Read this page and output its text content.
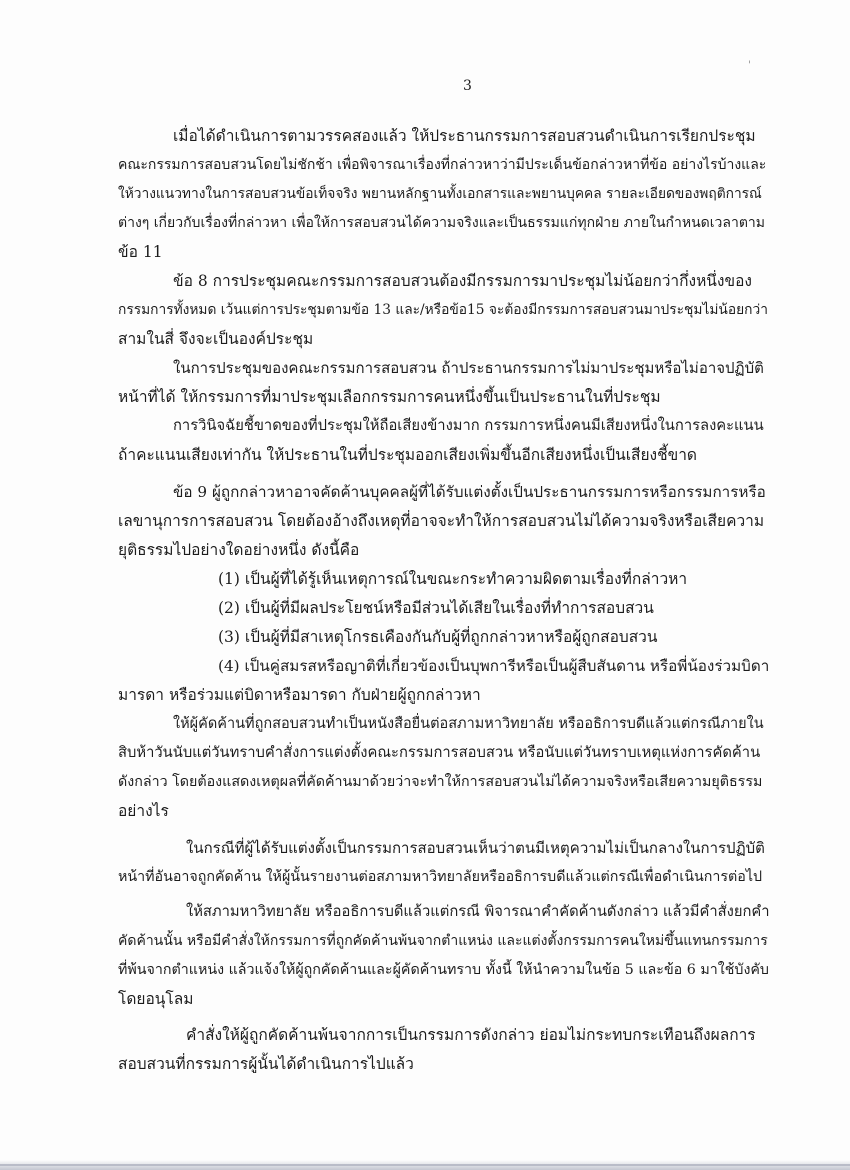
'
3
เมื่อได้ดำเนินการตามวรรคสองแล้ว ให้ประธานกรรมการสอบสวนดำเนินการเรียกประชุม
คณะกรรมการสอบสวนโดยไม่ชักช้า เพื่อพิจารณาเรื่องที่กล่าวหาว่ามีประเด็นข้อกล่าวหาที่ข้อ อย่างไรบ้างและ
ให้วางแนวทางในการสอบสวนข้อเท็จจริง พยานหลักฐานทั้งเอกสารและพยานบุคคล รายละเอียดของพฤติการณ์
ต่างๆ เกี่ยวกับเรื่องที่กล่าวหา เพื่อให้การสอบสวนได้ความจริงและเป็นธรรมแก่ทุกฝ่าย ภายในกำหนดเวลาตาม
ข้อ 11
ข้อ 8 การประชุมคณะกรรมการสอบสวนต้องมีกรรมการมาประชุมไม่น้อยกว่ากึ่งหนึ่งของ
กรรมการทั้งหมด เว้นแต่การประชุมตามข้อ 13 และ/หรือข้อ15 จะต้องมีกรรมการสอบสวนมาประชุมไม่น้อยกว่า
สามในสี่ จึงจะเป็นองค์ประชุม
ในการประชุมของคณะกรรมการสอบสวน ถ้าประธานกรรมการไม่มาประชุมหรือไม่อาจปฏิบัติ
หน้าที่ได้ ให้กรรมการที่มาประชุมเลือกกรรมการคนหนึ่งขึ้นเป็นประธานในที่ประชุม
การวินิจฉัยชี้ขาดของที่ประชุมให้ถือเสียงข้างมาก กรรมการหนึ่งคนมีเสียงหนึ่งในการลงคะแนน
ถ้าคะแนนเสียงเท่ากัน ให้ประธานในที่ประชุมออกเสียงเพิ่มขึ้นอีกเสียงหนึ่งเป็นเสียงชี้ขาด
ข้อ 9 ผู้ถูกกล่าวหาอาจคัดค้านบุคคลผู้ที่ได้รับแต่งตั้งเป็นประธานกรรมการหรือกรรมการหรือ
เลขานุการการสอบสวน โดยต้องอ้างถึงเหตุที่อาจจะทำให้การสอบสวนไม่ได้ความจริงหรือเสียความ
ยุติธรรมไปอย่างใดอย่างหนึ่ง ดังนี้คือ
(1) เป็นผู้ที่ได้รู้เห็นเหตุการณ์ในขณะกระทำความผิดตามเรื่องที่กล่าวหา
(2) เป็นผู้ที่มีผลประโยชน์หรือมีส่วนได้เสียในเรื่องที่ทำการสอบสวน
(3) เป็นผู้ที่มีสาเหตุโกรธเคืองกันกับผู้ที่ถูกกล่าวหาหรือผู้ถูกสอบสวน
(4) เป็นคู่สมรสหรือญาติที่เกี่ยวข้องเป็นบุพการีหรือเป็นผู้สืบสันดาน หรือพี่น้องร่วมบิดา
มารดา หรือร่วมแต่บิดาหรือมารดา กับฝ่ายผู้ถูกกล่าวหา
ให้ผู้คัดค้านที่ถูกสอบสวนทำเป็นหนังสือยื่นต่อสภามหาวิทยาลัย หรืออธิการบดีแล้วแต่กรณีภายใน
สิบห้าวันนับแต่วันทราบคำสั่งการแต่งตั้งคณะกรรมการสอบสวน หรือนับแต่วันทราบเหตุแห่งการคัดค้าน
ดังกล่าว โดยต้องแสดงเหตุผลที่คัดค้านมาด้วยว่าจะทำให้การสอบสวนไม่ได้ความจริงหรือเสียความยุติธรรม
อย่างไร
ในกรณีที่ผู้ได้รับแต่งตั้งเป็นกรรมการสอบสวนเห็นว่าตนมีเหตุความไม่เป็นกลางในการปฏิบัติ
หน้าที่อันอาจถูกคัดค้าน ให้ผู้นั้นรายงานต่อสภามหาวิทยาลัยหรืออธิการบดีแล้วแต่กรณีเพื่อดำเนินการต่อไป
ให้สภามหาวิทยาลัย หรืออธิการบดีแล้วแต่กรณี พิจารณาคำคัดค้านดังกล่าว แล้วมีคำสั่งยกคำ
คัดค้านนั้น หรือมีคำสั่งให้กรรมการที่ถูกคัดค้านพ้นจากตำแหน่ง และแต่งตั้งกรรมการคนใหม่ขึ้นแทนกรรมการ
ที่พ้นจากตำแหน่ง แล้วแจ้งให้ผู้ถูกคัดค้านและผู้คัดค้านทราบ ทั้งนี้ ให้นำความในข้อ 5 และข้อ 6 มาใช้บังคับ
โดยอนุโลม
คำสั่งให้ผู้ถูกคัดค้านพ้นจากการเป็นกรรมการดังกล่าว ย่อมไม่กระทบกระเทือนถึงผลการ
สอบสวนที่กรรมการผู้นั้นได้ดำเนินการไปแล้ว
